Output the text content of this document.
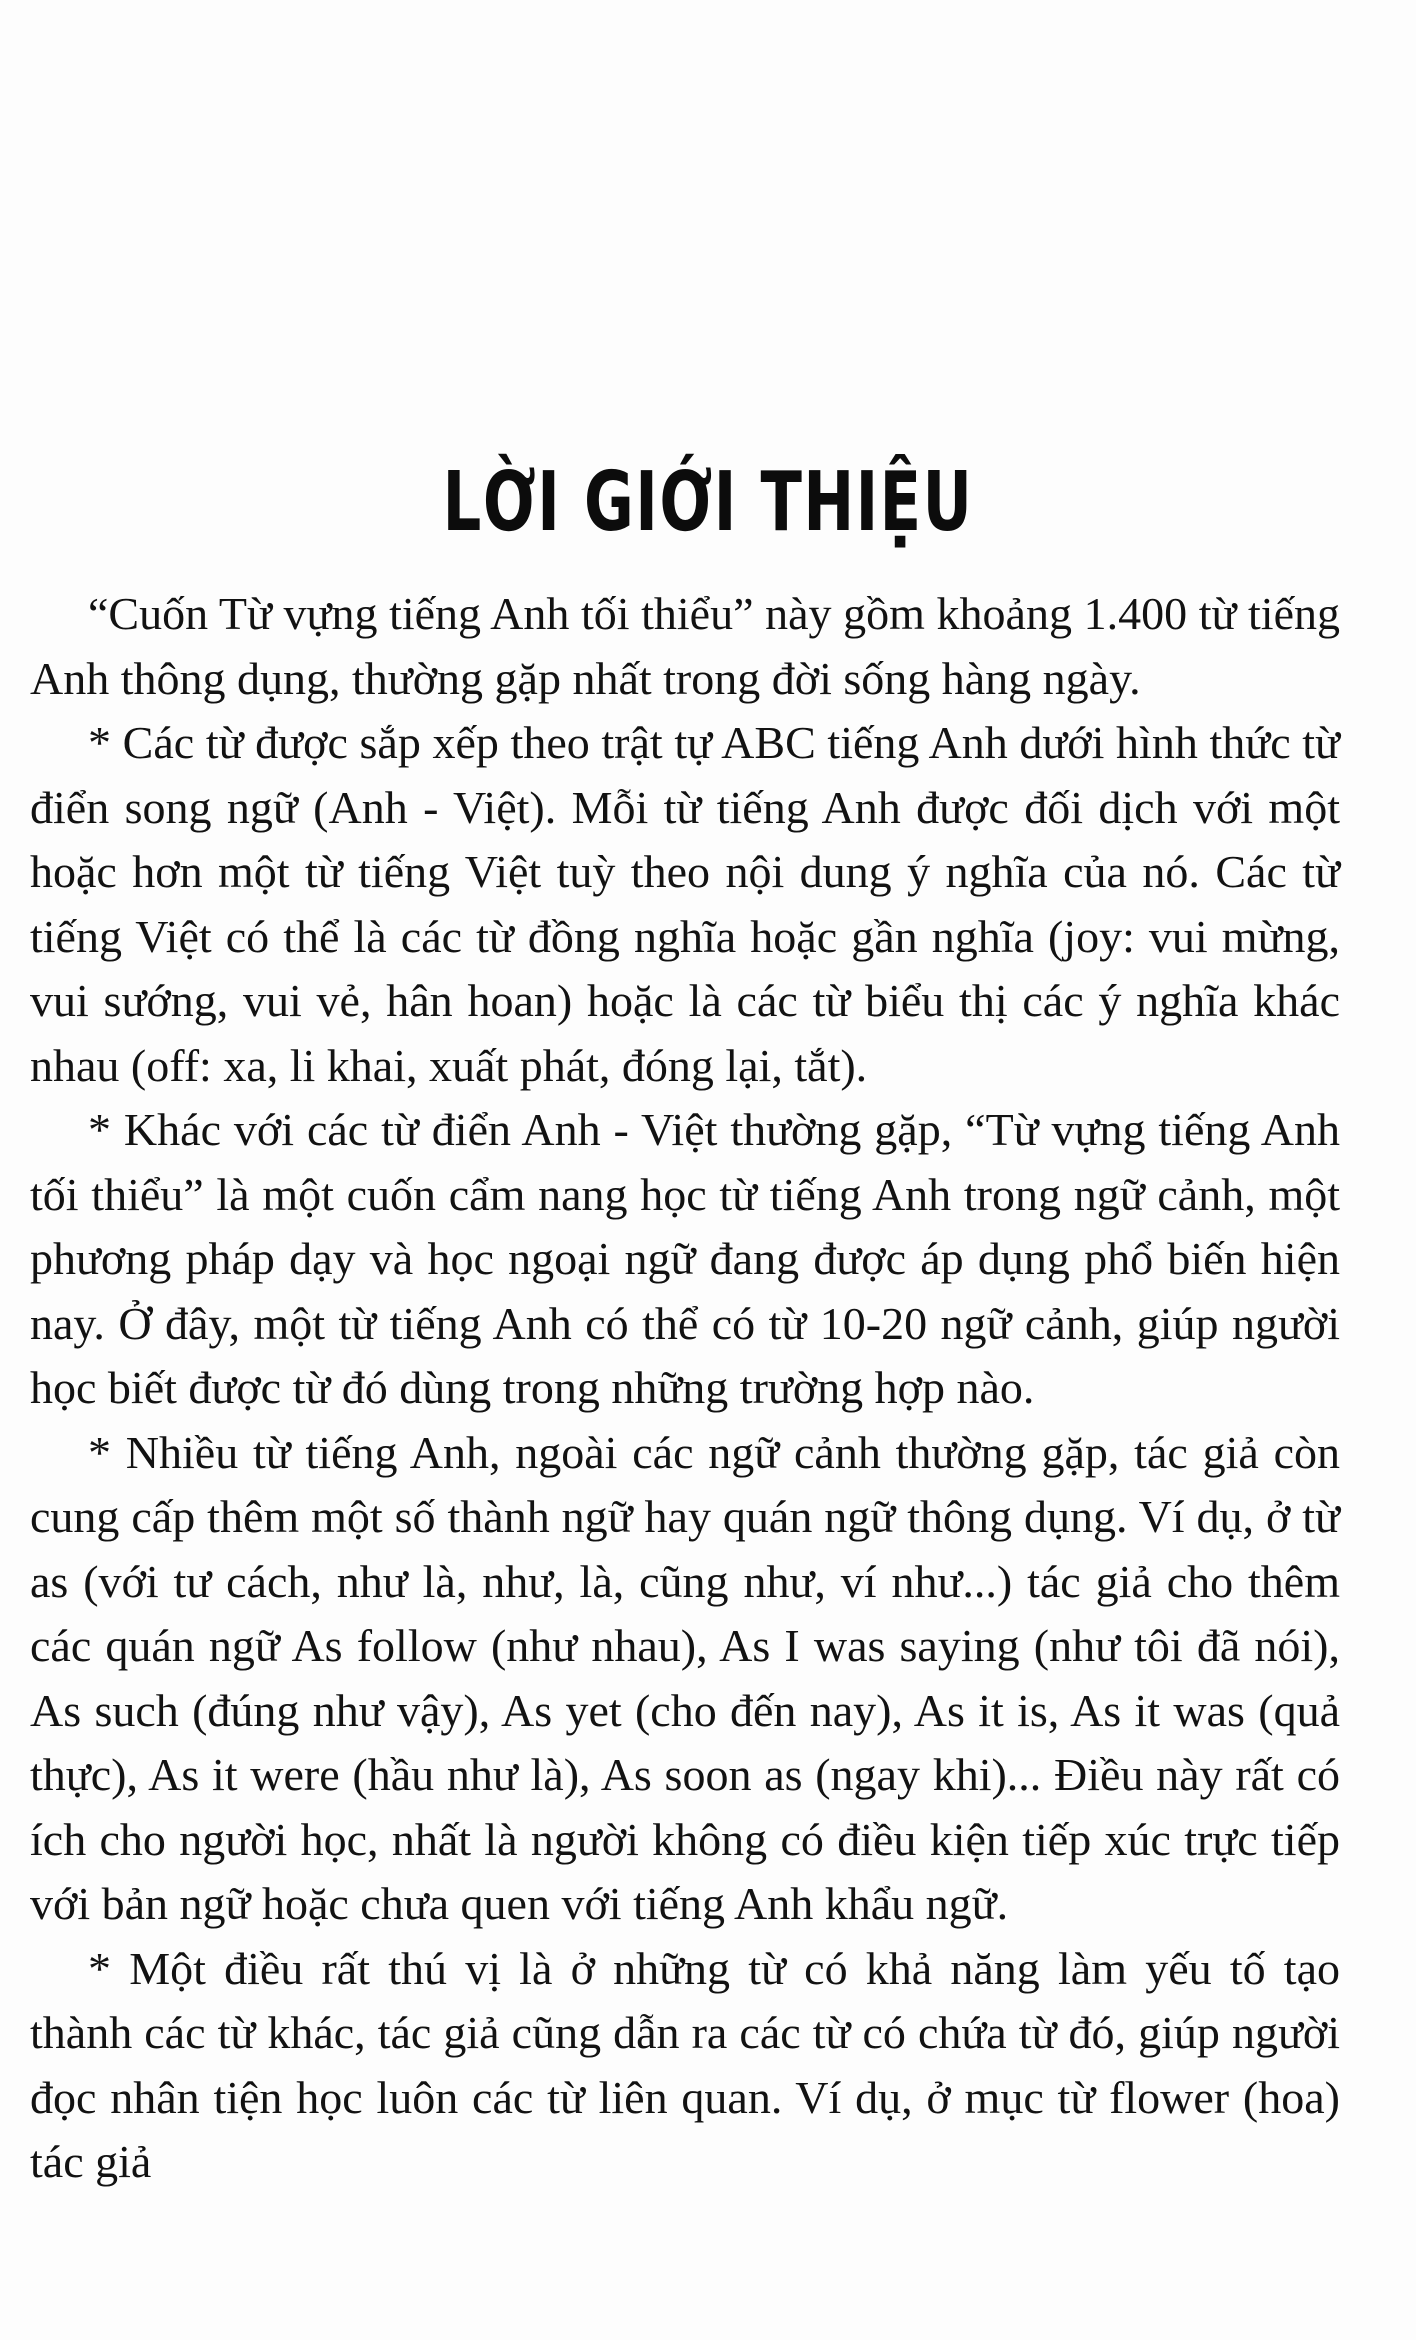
LỜI GIỚI THIỆU

“Cuốn Từ vựng tiếng Anh tối thiểu” này gồm khoảng 1.400 từ tiếng Anh thông dụng, thường gặp nhất trong đời sống hàng ngày.

* Các từ được sắp xếp theo trật tự ABC tiếng Anh dưới hình thức từ điển song ngữ (Anh - Việt). Mỗi từ tiếng Anh được đối dịch với một hoặc hơn một từ tiếng Việt tuỳ theo nội dung ý nghĩa của nó. Các từ tiếng Việt có thể là các từ đồng nghĩa hoặc gần nghĩa (joy: vui mừng, vui sướng, vui vẻ, hân hoan) hoặc là các từ biểu thị các ý nghĩa khác nhau (off: xa, li khai, xuất phát, đóng lại, tắt).

* Khác với các từ điển Anh - Việt thường gặp, “Từ vựng tiếng Anh tối thiểu” là một cuốn cẩm nang học từ tiếng Anh trong ngữ cảnh, một phương pháp dạy và học ngoại ngữ đang được áp dụng phổ biến hiện nay. Ở đây, một từ tiếng Anh có thể có từ 10-20 ngữ cảnh, giúp người học biết được từ đó dùng trong những trường hợp nào.

* Nhiều từ tiếng Anh, ngoài các ngữ cảnh thường gặp, tác giả còn cung cấp thêm một số thành ngữ hay quán ngữ thông dụng. Ví dụ, ở từ as (với tư cách, như là, như, là, cũng như, ví như...) tác giả cho thêm các quán ngữ As follow (như nhau), As I was saying (như tôi đã nói), As such (đúng như vậy), As yet (cho đến nay), As it is, As it was (quả thực), As it were (hầu như là), As soon as (ngay khi)... Điều này rất có ích cho người học, nhất là người không có điều kiện tiếp xúc trực tiếp với bản ngữ hoặc chưa quen với tiếng Anh khẩu ngữ.

* Một điều rất thú vị là ở những từ có khả năng làm yếu tố tạo thành các từ khác, tác giả cũng dẫn ra các từ có chứa từ đó, giúp người đọc nhân tiện học luôn các từ liên quan. Ví dụ, ở mục từ flower (hoa) tác giả
